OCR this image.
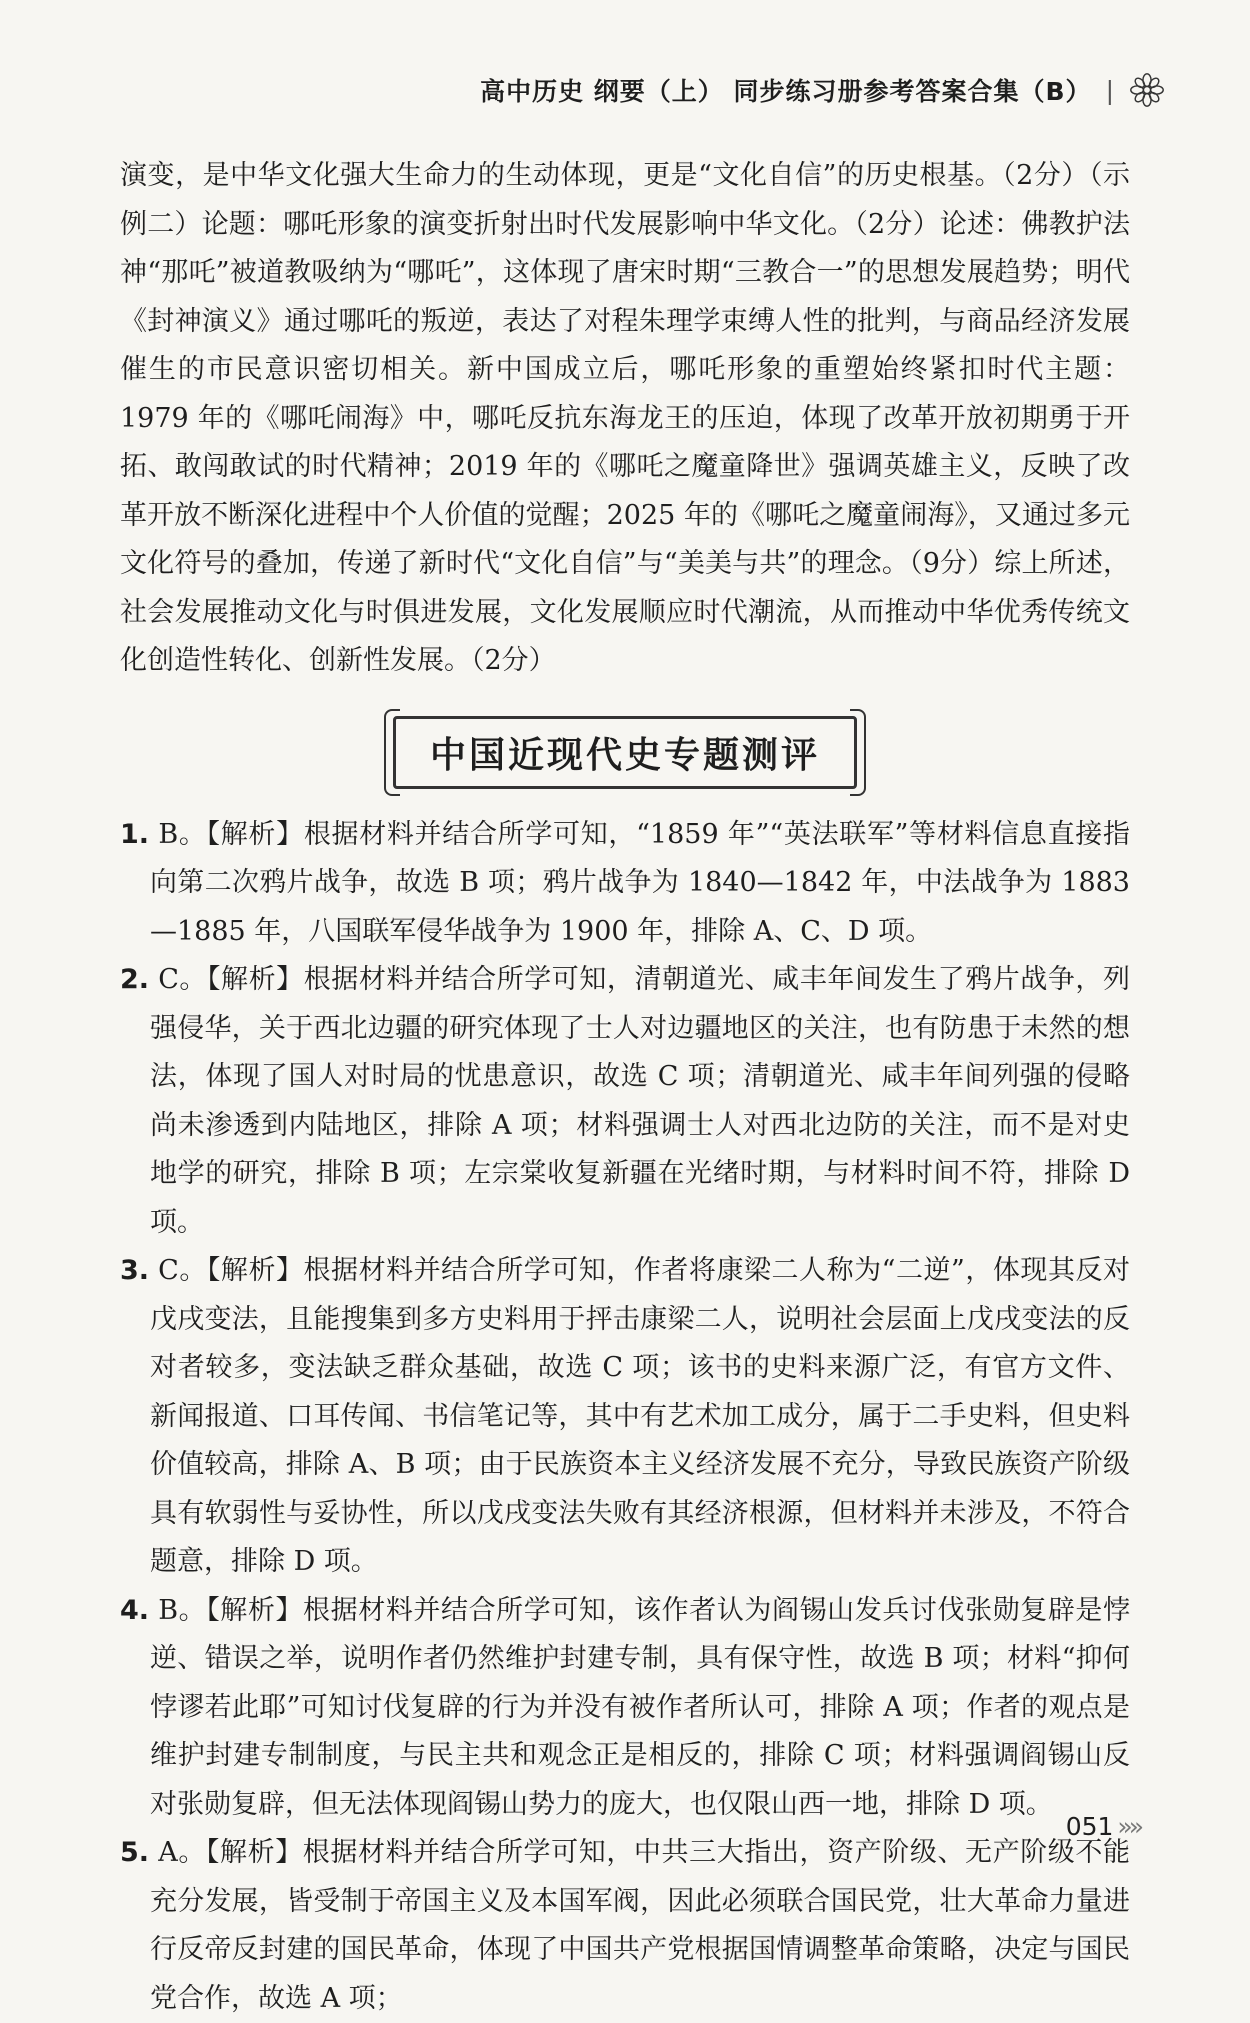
高中历史 纲要（上） 同步练习册参考答案合集（B） |

演变，是中华文化强大生命力的生动体现，更是“文化自信”的历史根基。（2分）（示例二）论题：哪吒形象的演变折射出时代发展影响中华文化。（2分）论述：佛教护法神“那吒”被道教吸纳为“哪吒”，这体现了唐宋时期“三教合一”的思想发展趋势；明代《封神演义》通过哪吒的叛逆，表达了对程朱理学束缚人性的批判，与商品经济发展催生的市民意识密切相关。新中国成立后，哪吒形象的重塑始终紧扣时代主题：1979 年的《哪吒闹海》中，哪吒反抗东海龙王的压迫，体现了改革开放初期勇于开拓、敢闯敢试的时代精神；2019 年的《哪吒之魔童降世》强调英雄主义，反映了改革开放不断深化进程中个人价值的觉醒；2025 年的《哪吒之魔童闹海》，又通过多元文化符号的叠加，传递了新时代“文化自信”与“美美与共”的理念。（9分）综上所述，社会发展推动文化与时俱进发展，文化发展顺应时代潮流，从而推动中华优秀传统文化创造性转化、创新性发展。（2分）

中国近现代史专题测评
1. B。【解析】根据材料并结合所学可知，“1859 年”“英法联军”等材料信息直接指向第二次鸦片战争，故选 B 项；鸦片战争为 1840—1842 年，中法战争为 1883—1885 年，八国联军侵华战争为 1900 年，排除 A、C、D 项。
2. C。【解析】根据材料并结合所学可知，清朝道光、咸丰年间发生了鸦片战争，列强侵华，关于西北边疆的研究体现了士人对边疆地区的关注，也有防患于未然的想法，体现了国人对时局的忧患意识，故选 C 项；清朝道光、咸丰年间列强的侵略尚未渗透到内陆地区，排除 A 项；材料强调士人对西北边防的关注，而不是对史地学的研究，排除 B 项；左宗棠收复新疆在光绪时期，与材料时间不符，排除 D 项。
3. C。【解析】根据材料并结合所学可知，作者将康梁二人称为“二逆”，体现其反对戊戌变法，且能搜集到多方史料用于抨击康梁二人，说明社会层面上戊戌变法的反对者较多，变法缺乏群众基础，故选 C 项；该书的史料来源广泛，有官方文件、新闻报道、口耳传闻、书信笔记等，其中有艺术加工成分，属于二手史料，但史料价值较高，排除 A、B 项；由于民族资本主义经济发展不充分，导致民族资产阶级具有软弱性与妥协性，所以戊戌变法失败有其经济根源，但材料并未涉及，不符合题意，排除 D 项。
4. B。【解析】根据材料并结合所学可知，该作者认为阎锡山发兵讨伐张勋复辟是悖逆、错误之举，说明作者仍然维护封建专制，具有保守性，故选 B 项；材料“抑何悖谬若此耶”可知讨伐复辟的行为并没有被作者所认可，排除 A 项；作者的观点是维护封建专制制度，与民主共和观念正是相反的，排除 C 项；材料强调阎锡山反对张勋复辟，但无法体现阎锡山势力的庞大，也仅限山西一地，排除 D 项。
5. A。【解析】根据材料并结合所学可知，中共三大指出，资产阶级、无产阶级不能充分发展，皆受制于帝国主义及本国军阀，因此必须联合国民党，壮大革命力量进行反帝反封建的国民革命，体现了中国共产党根据国情调整革命策略，决定与国民党合作，故选 A 项；
051 »»
